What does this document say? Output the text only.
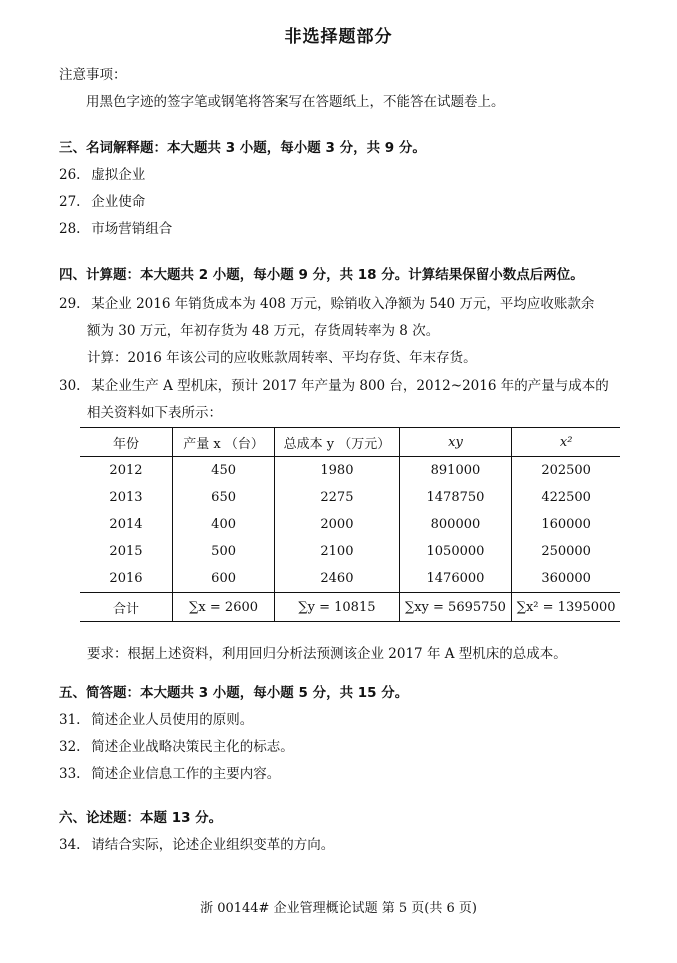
非选择题部分
注意事项：
用黑色字迹的签字笔或钢笔将答案写在答题纸上，不能答在试题卷上。
三、名词解释题：本大题共 3 小题，每小题 3 分，共 9 分。
26. 虚拟企业
27. 企业使命
28. 市场营销组合
四、计算题：本大题共 2 小题，每小题 9 分，共 18 分。计算结果保留小数点后两位。
29. 某企业 2016 年销货成本为 408 万元，赊销收入净额为 540 万元，平均应收账款余
额为 30 万元，年初存货为 48 万元，存货周转率为 8 次。
计算：2016 年该公司的应收账款周转率、平均存货、年末存货。
30. 某企业生产 A 型机床，预计 2017 年产量为 800 台，2012~2016 年的产量与成本的
相关资料如下表所示：
年份	产量 x （台）	总成本 y （万元）	xy	x²
2012	450	1980	891000	202500
2013	650	2275	1478750	422500
2014	400	2000	800000	160000
2015	500	2100	1050000	250000
2016	600	2460	1476000	360000
合计	∑x = 2600	∑y = 10815	∑xy = 5695750	∑x² = 1395000
要求：根据上述资料，利用回归分析法预测该企业 2017 年 A 型机床的总成本。
五、简答题：本大题共 3 小题，每小题 5 分，共 15 分。
31. 简述企业人员使用的原则。
32. 简述企业战略决策民主化的标志。
33. 简述企业信息工作的主要内容。
六、论述题：本题 13 分。
34. 请结合实际，论述企业组织变革的方向。
浙 00144# 企业管理概论试题 第 5 页(共 6 页)
